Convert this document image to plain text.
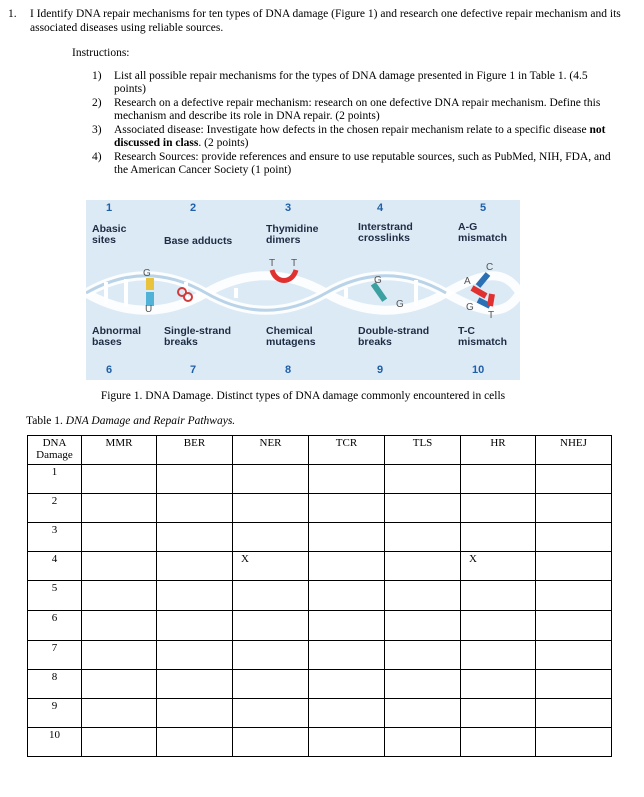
1. I Identify DNA repair mechanisms for ten types of DNA damage (Figure 1) and research one defective repair mechanism and its associated diseases using reliable sources.
Instructions:
1) List all possible repair mechanisms for the types of DNA damage presented in Figure 1 in Table 1. (4.5 points)
2) Research on a defective repair mechanism: research on one defective DNA repair mechanism. Define this mechanism and describe its role in DNA repair. (2 points)
3) Associated disease: Investigate how defects in the chosen repair mechanism relate to a specific disease not discussed in class. (2 points)
4) Research Sources: provide references and ensure to use reputable sources, such as PubMed, NIH, FDA, and the American Cancer Society (1 point)
G
U
T T
G
G
A
C
G
T
1	2	3	4	5
Abasic sites	Base adducts
Thymidine dimers
Interstrand crosslinks
A-G mismatch
Abnormal bases
Single-strand breaks
Chemical mutagens
Double-strand breaks
T-C mismatch
6	7	8	9	10
Figure 1. DNA Damage. Distinct types of DNA damage commonly encountered in cells
Table 1. DNA Damage and Repair Pathways.
DNA Damage	MMR	BER	NER	TCR	TLS	HR	NHEJ
1							
2							
3							
4			X			X	
5							
6							
7							
8							
9							
10							
